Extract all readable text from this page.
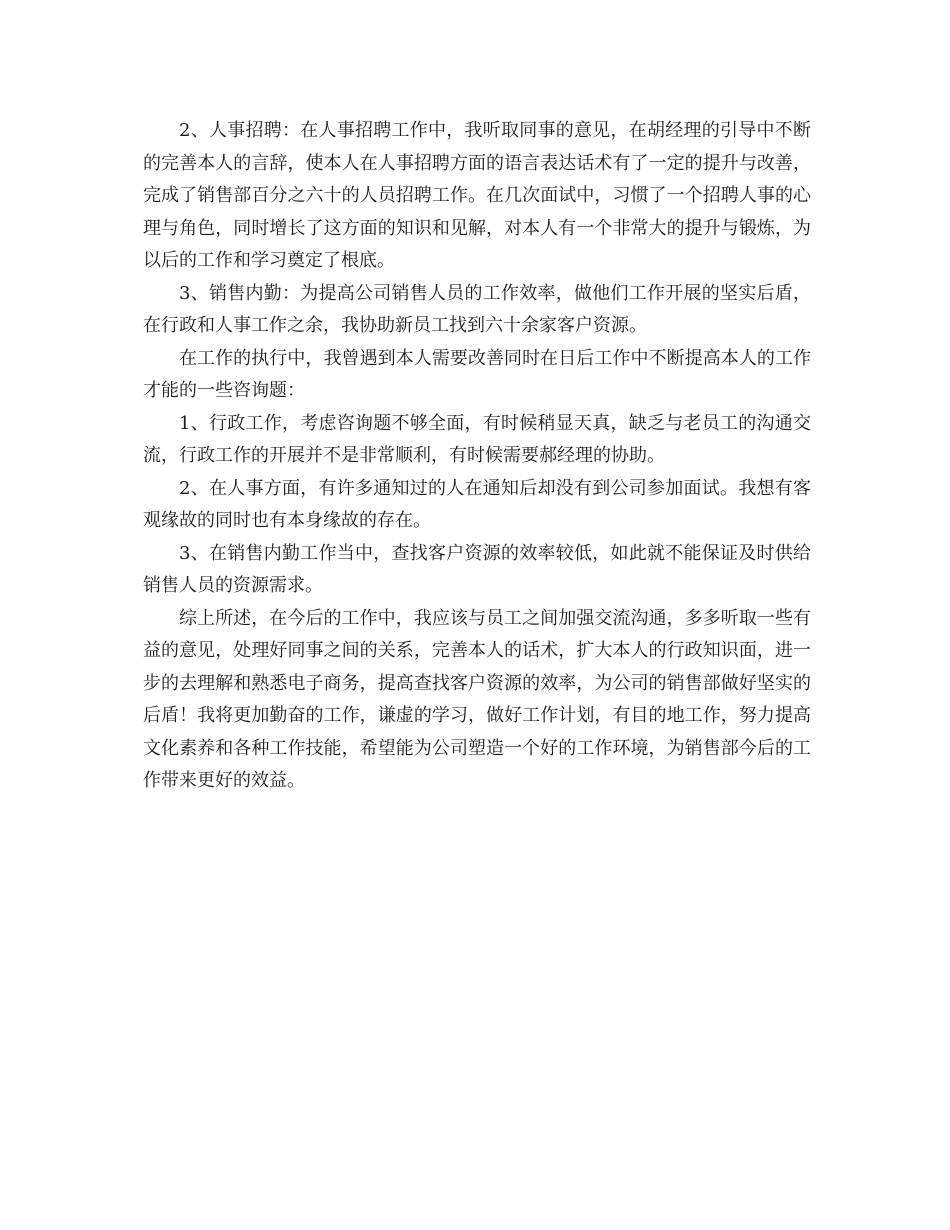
2、人事招聘：在人事招聘工作中，我听取同事的意见，在胡经理的引导中不断的完善本人的言辞，使本人在人事招聘方面的语言表达话术有了一定的提升与改善，完成了销售部百分之六十的人员招聘工作。在几次面试中，习惯了一个招聘人事的心理与角色，同时增长了这方面的知识和见解，对本人有一个非常大的提升与锻炼，为以后的工作和学习奠定了根底。

3、销售内勤：为提高公司销售人员的工作效率，做他们工作开展的坚实后盾，在行政和人事工作之余，我协助新员工找到六十余家客户资源。

在工作的执行中，我曾遇到本人需要改善同时在日后工作中不断提高本人的工作才能的一些咨询题：

1、行政工作，考虑咨询题不够全面，有时候稍显天真，缺乏与老员工的沟通交流，行政工作的开展并不是非常顺利，有时候需要郝经理的协助。

2、在人事方面，有许多通知过的人在通知后却没有到公司参加面试。我想有客观缘故的同时也有本身缘故的存在。

3、在销售内勤工作当中，查找客户资源的效率较低，如此就不能保证及时供给销售人员的资源需求。

综上所述，在今后的工作中，我应该与员工之间加强交流沟通，多多听取一些有益的意见，处理好同事之间的关系，完善本人的话术，扩大本人的行政知识面，进一步的去理解和熟悉电子商务，提高查找客户资源的效率，为公司的销售部做好坚实的后盾！我将更加勤奋的工作，谦虚的学习，做好工作计划，有目的地工作，努力提高文化素养和各种工作技能，希望能为公司塑造一个好的工作环境，为销售部今后的工作带来更好的效益。
